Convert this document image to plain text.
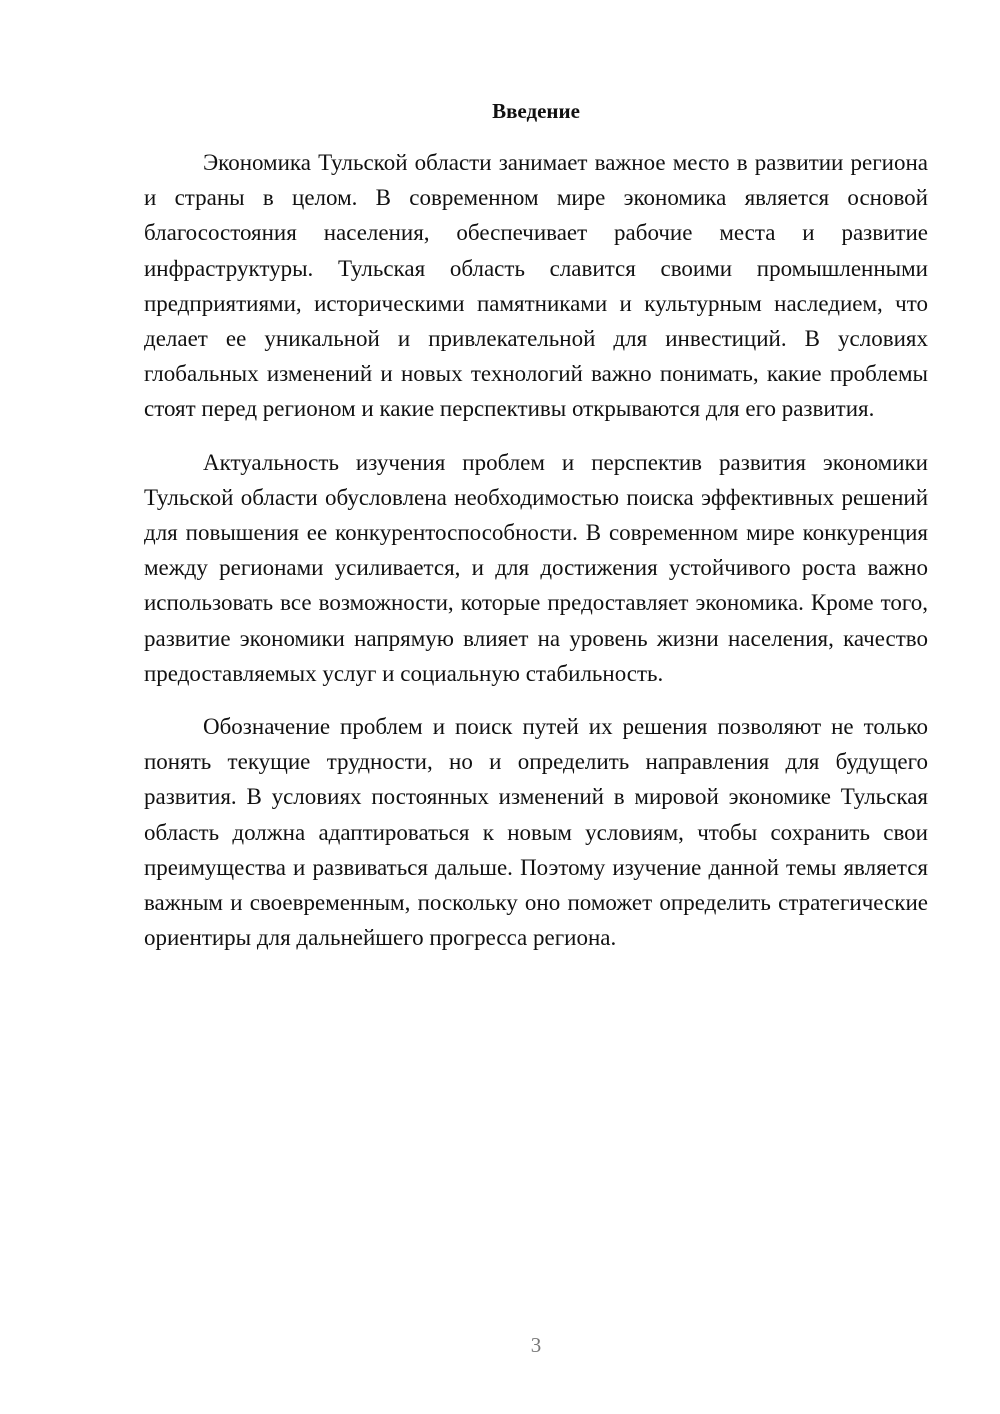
Введение

Экономика Тульской области занимает важное место в развитии региона и страны в целом. В современном мире экономика является основой благосостояния населения, обеспечивает рабочие места и развитие инфраструктуры. Тульская область славится своими промышленными предприятиями, историческими памятниками и культурным наследием, что делает ее уникальной и привлекательной для инвестиций. В условиях глобальных изменений и новых технологий важно понимать, какие проблемы стоят перед регионом и какие перспективы открываются для его развития.

Актуальность изучения проблем и перспектив развития экономики Тульской области обусловлена необходимостью поиска эффективных решений для повышения ее конкурентоспособности. В современном мире конкуренция между регионами усиливается, и для достижения устойчивого роста важно использовать все возможности, которые предоставляет экономика. Кроме того, развитие экономики напрямую влияет на уровень жизни населения, качество предоставляемых услуг и социальную стабильность.

Обозначение проблем и поиск путей их решения позволяют не только понять текущие трудности, но и определить направления для будущего развития. В условиях постоянных изменений в мировой экономике Тульская область должна адаптироваться к новым условиям, чтобы сохранить свои преимущества и развиваться дальше. Поэтому изучение данной темы является важным и своевременным, поскольку оно поможет определить стратегические ориентиры для дальнейшего прогресса региона.

3
